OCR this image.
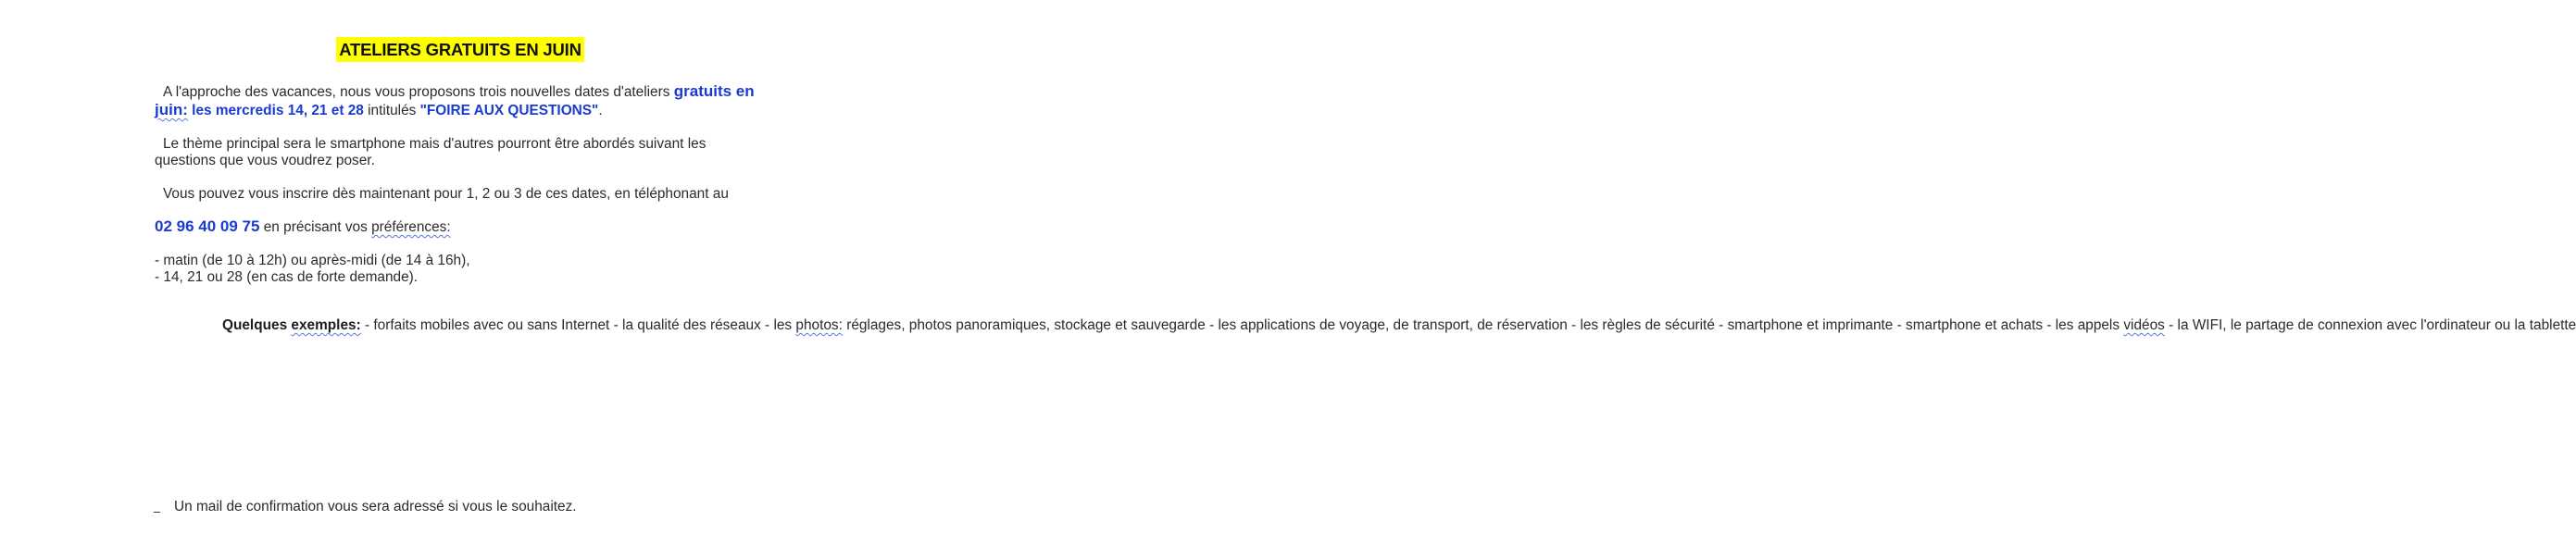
ATELIERS GRATUITS EN JUIN
A l'approche des vacances, nous vous proposons trois nouvelles dates d'ateliers gratuits en
juin: les mercredis 14, 21 et 28 intitulés "FOIRE AUX QUESTIONS".
Le thème principal sera le smartphone mais d'autres pourront être abordés suivant les
questions que vous voudrez poser.
Vous pouvez vous inscrire dès maintenant pour 1, 2 ou 3 de ces dates, en téléphonant au
02 96 40 09 75 en précisant vos préférences:
- matin (de 10 à 12h) ou après-midi (de 14 à 16h),
- 14, 21 ou 28 (en cas de forte demande).
Quelques exemples: - forfaits mobiles avec ou sans Internet - la qualité des réseaux - les photos: réglages, photos panoramiques, stockage et sauvegarde - les applications de voyage, de transport, de réservation - les règles de sécurité - smartphone et imprimante - smartphone et achats - les appels vidéos - la WIFI, le partage de connexion avec l'ordinateur ou la tablette
Un mail de confirmation vous sera adressé si vous le souhaitez.
